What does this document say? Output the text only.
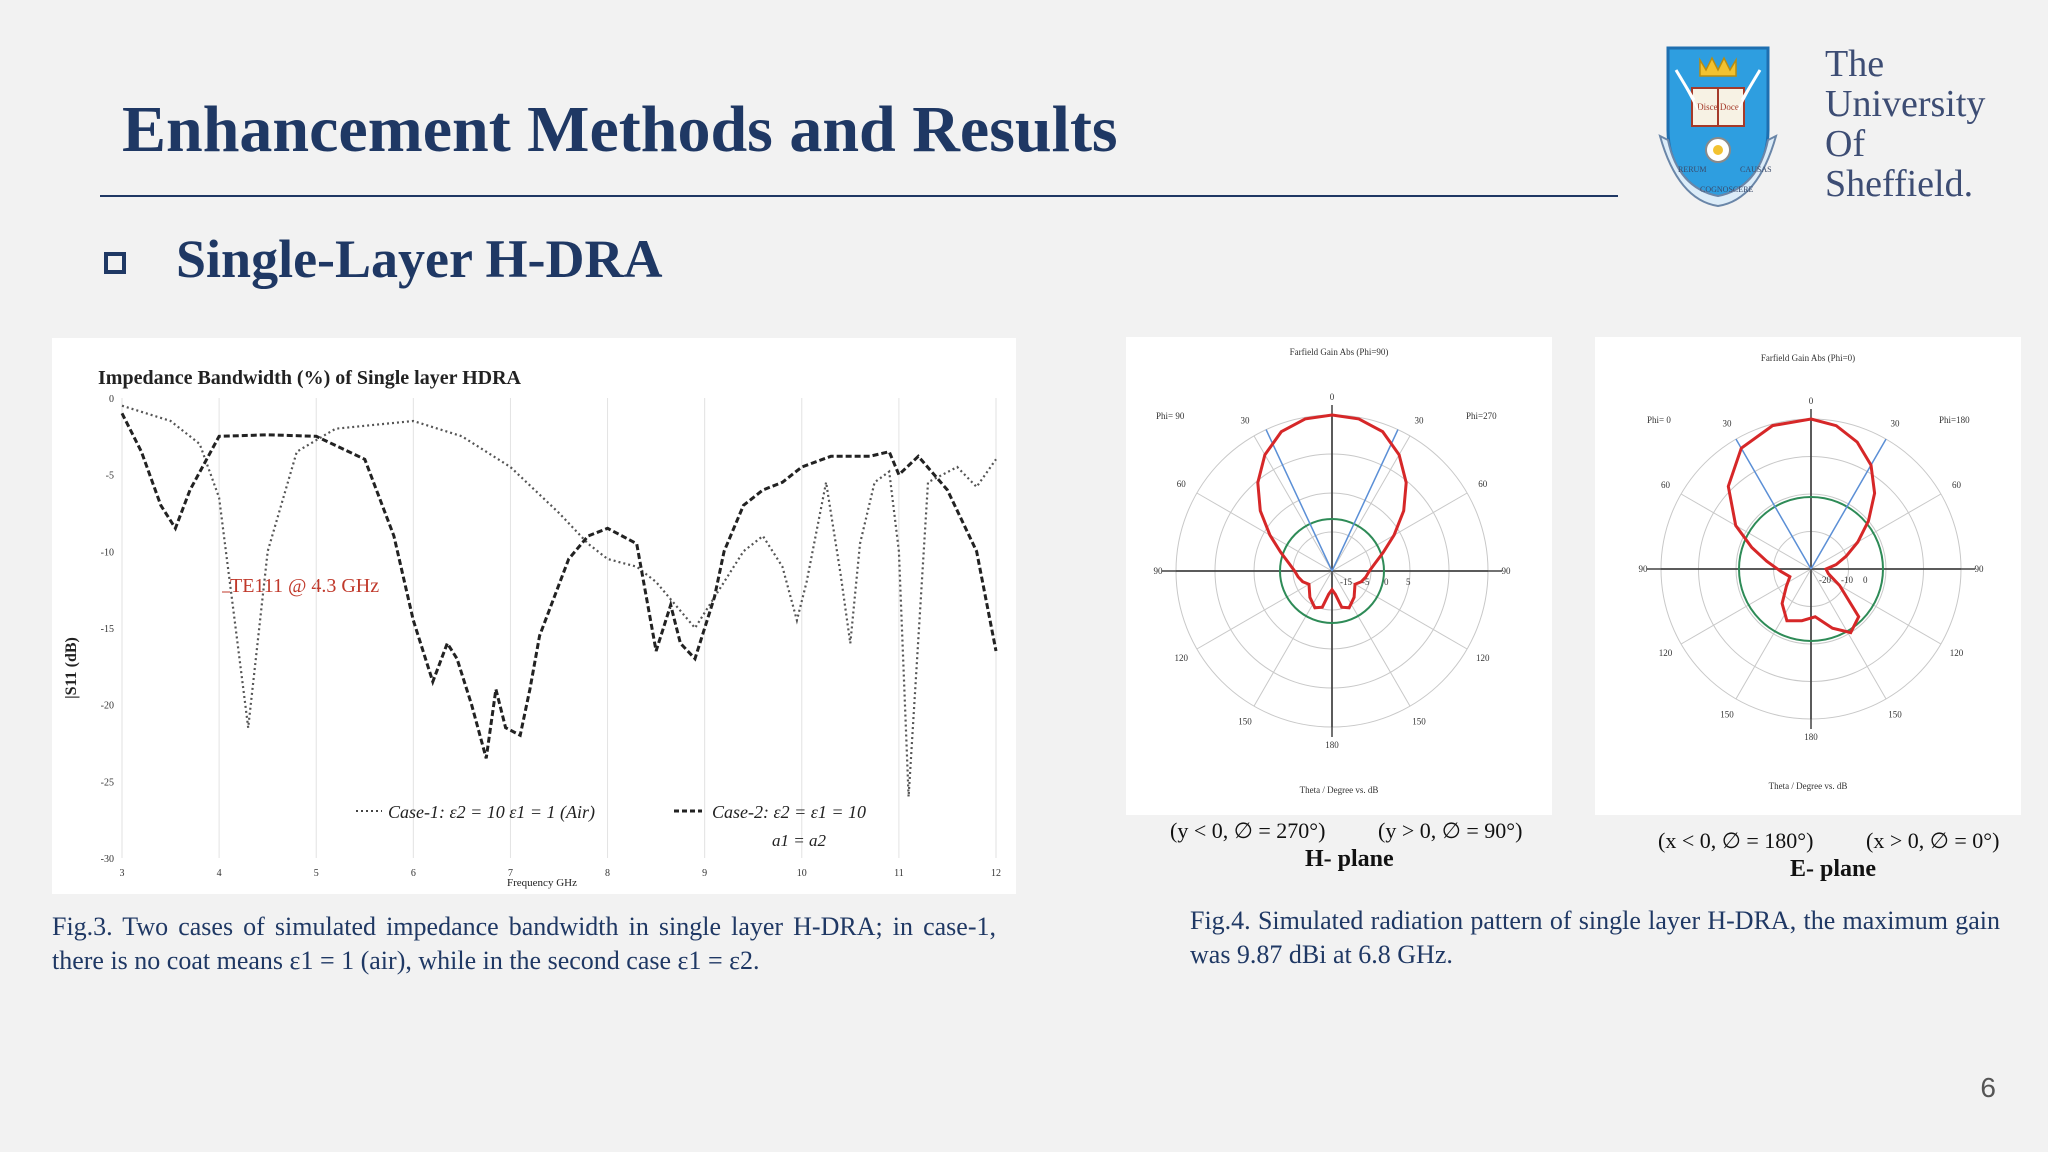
Enhancement Methods and Results	Disce Doce
RERUM
COGNOSCERE
CAUSAS
The
University
Of
Sheffield.
Single-Layer H-DRA
Impedance Bandwidth (%) of Single layer HDRA
|S11 (dB)
Frequency GHz
TE111 @ 4.3 GHz
3	4	5	6	7	8	9	10	11	12
0
-5
-10
-15
-20
-25
-30
Case-1: ε2 = 10 ε1 = 1 (Air)	Case-2: ε2 = ε1 = 10
a1 = a2
Fig.3. Two cases of simulated impedance bandwidth in single layer H-DRA; in case-1, there is no coat means ε1 = 1 (air), while in the second case ε1 = ε2.
Farfield Gain Abs (Phi=90)
Phi= 90	Phi=270
Theta / Degree vs. dB
0
30	30
60	60
90	90
120	120
150	150
180
-15 -5 0 5
(y < 0, ∅ = 270°) (y > 0, ∅ = 90°)
H- plane
Farfield Gain Abs (Phi=0)
Phi= 0	Phi=180
Theta / Degree vs. dB
0
30	30
60	60
90	90
120	120
150	150
180
-20 -10 0
(x < 0, ∅ = 180°) (x > 0, ∅ = 0°)
E- plane
Fig.4. Simulated radiation pattern of single layer H-DRA, the maximum gain was 9.87 dBi at 6.8 GHz.
6
